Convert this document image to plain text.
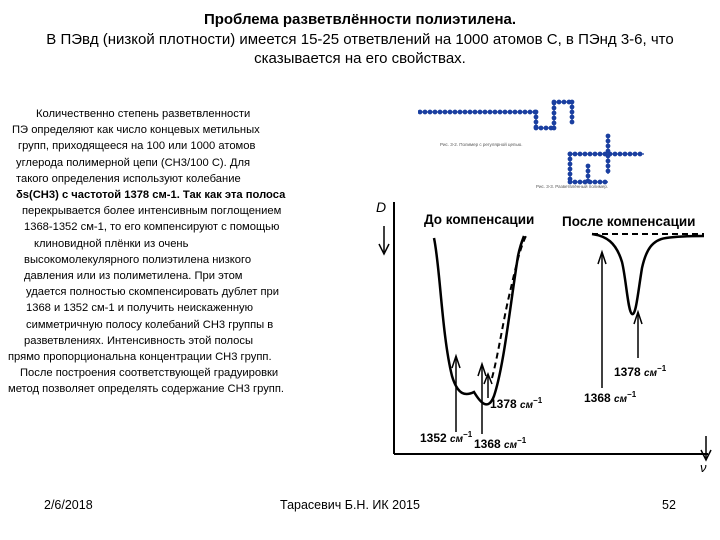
Проблема разветвлённости полиэтилена.
В ПЭвд (низкой плотности) имеется 15-25 ответвлений на 1000 атомов С, в ПЭнд 3-6, что сказывается на его свойствах.
Количественно степень разветвленности
ПЭ определяют как число концевых метильных
групп, приходящееся на 100 или 1000 атомов
углерода полимерной цепи (СН3/100 С). Для
такого определения используют колебание
δs(СН3) с частотой 1378 см-1. Так как эта полоса
перекрывается более интенсивным поглощением
1368-1352 см-1, то его компенсируют с помощью
клиновидной плёнки из очень
высокомолекулярного полиэтилена низкого
давления или из полиметилена. При этом
удается полностью скомпенсировать дублет при
1368 и 1352 см-1 и получить неискаженную
симметричную полосу колебаний СН3 группы в
разветвлениях. Интенсивность этой полосы
прямо пропорциональна концентрации СН3 групп.
После построения соответствующей градуировки
метод позволяет определять содержание СН3 групп.
Рис. 3-2. Полимер с регулярной цепью.
Рис. 3-3. Разветвлённый полимер.
D
ν
До компенсации После компенсации
1352 $см^{-1}$
1368 $см^{-1}$
1378 $см^{-1}$
1378 $см^{-1}$
1368 $см^{-1}$
2/6/2018	Тарасевич Б.Н. ИК 2015	52
